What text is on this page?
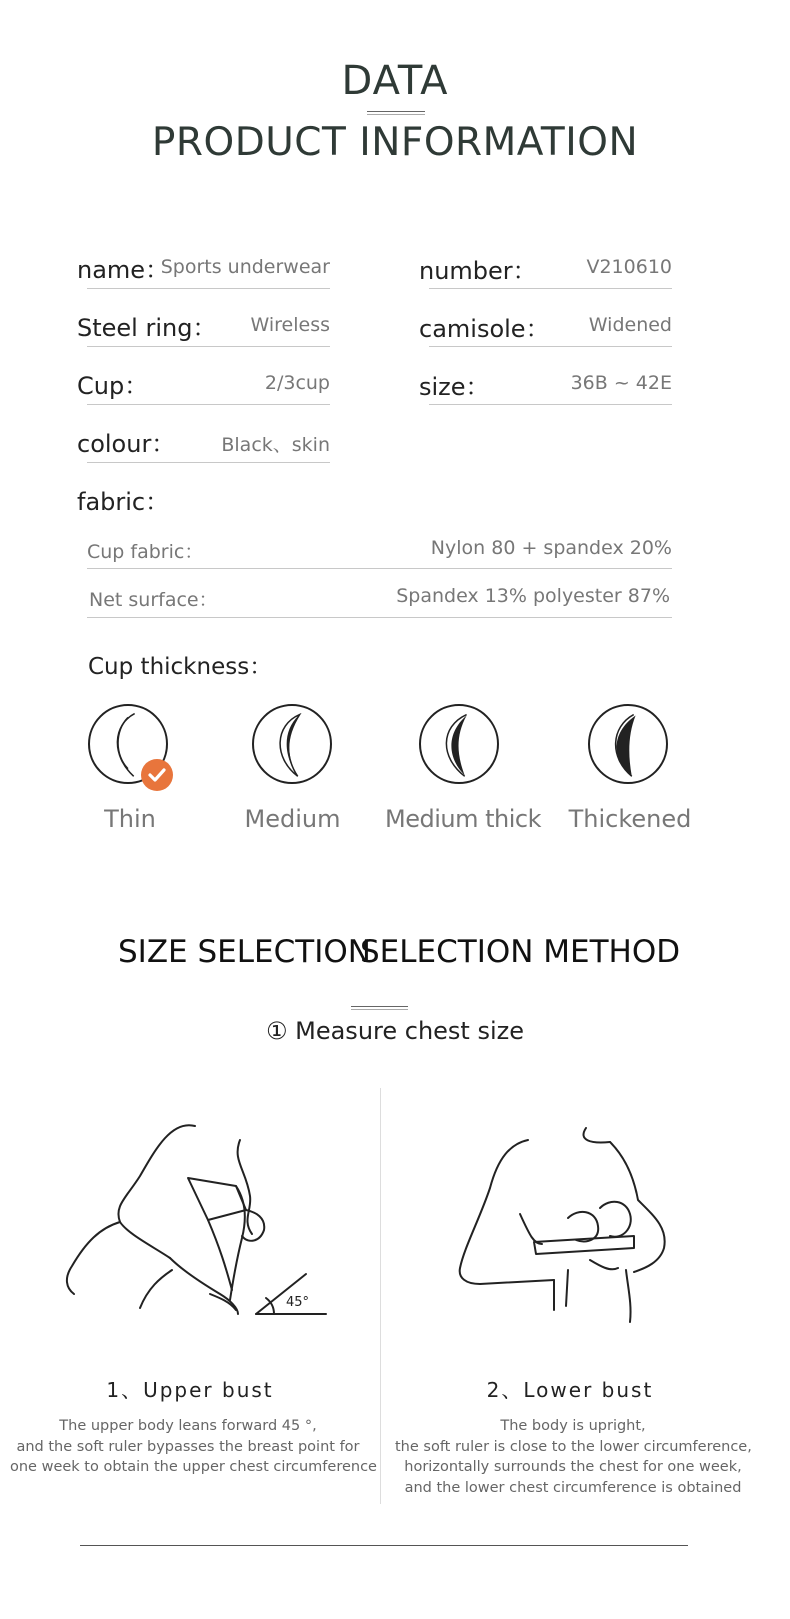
DATA
PRODUCT INFORMATION
name：
Sports underwear
Steel ring：	Wireless
Cup：	2/3cup
colour：	Black、skin
number：	V210610
camisole：	Widened
size：	36B ~ 42E
fabric：
Cup fabric：	Nylon 80 + spandex 20%
Net surface：	Spandex 13% polyester 87%
Cup thickness：
Thin	Medium	Medium thick	Thickened
SIZE SELECTION
SELECTION METHOD
① Measure chest size
45°
1、Upper bust
The upper body leans forward 45 °,
and the soft ruler bypasses the breast point for
one week to obtain the upper chest circumference
2、Lower bust
The body is upright,
the soft ruler is close to the lower circumference,
horizontally surrounds the chest for one week,
and the lower chest circumference is obtained
